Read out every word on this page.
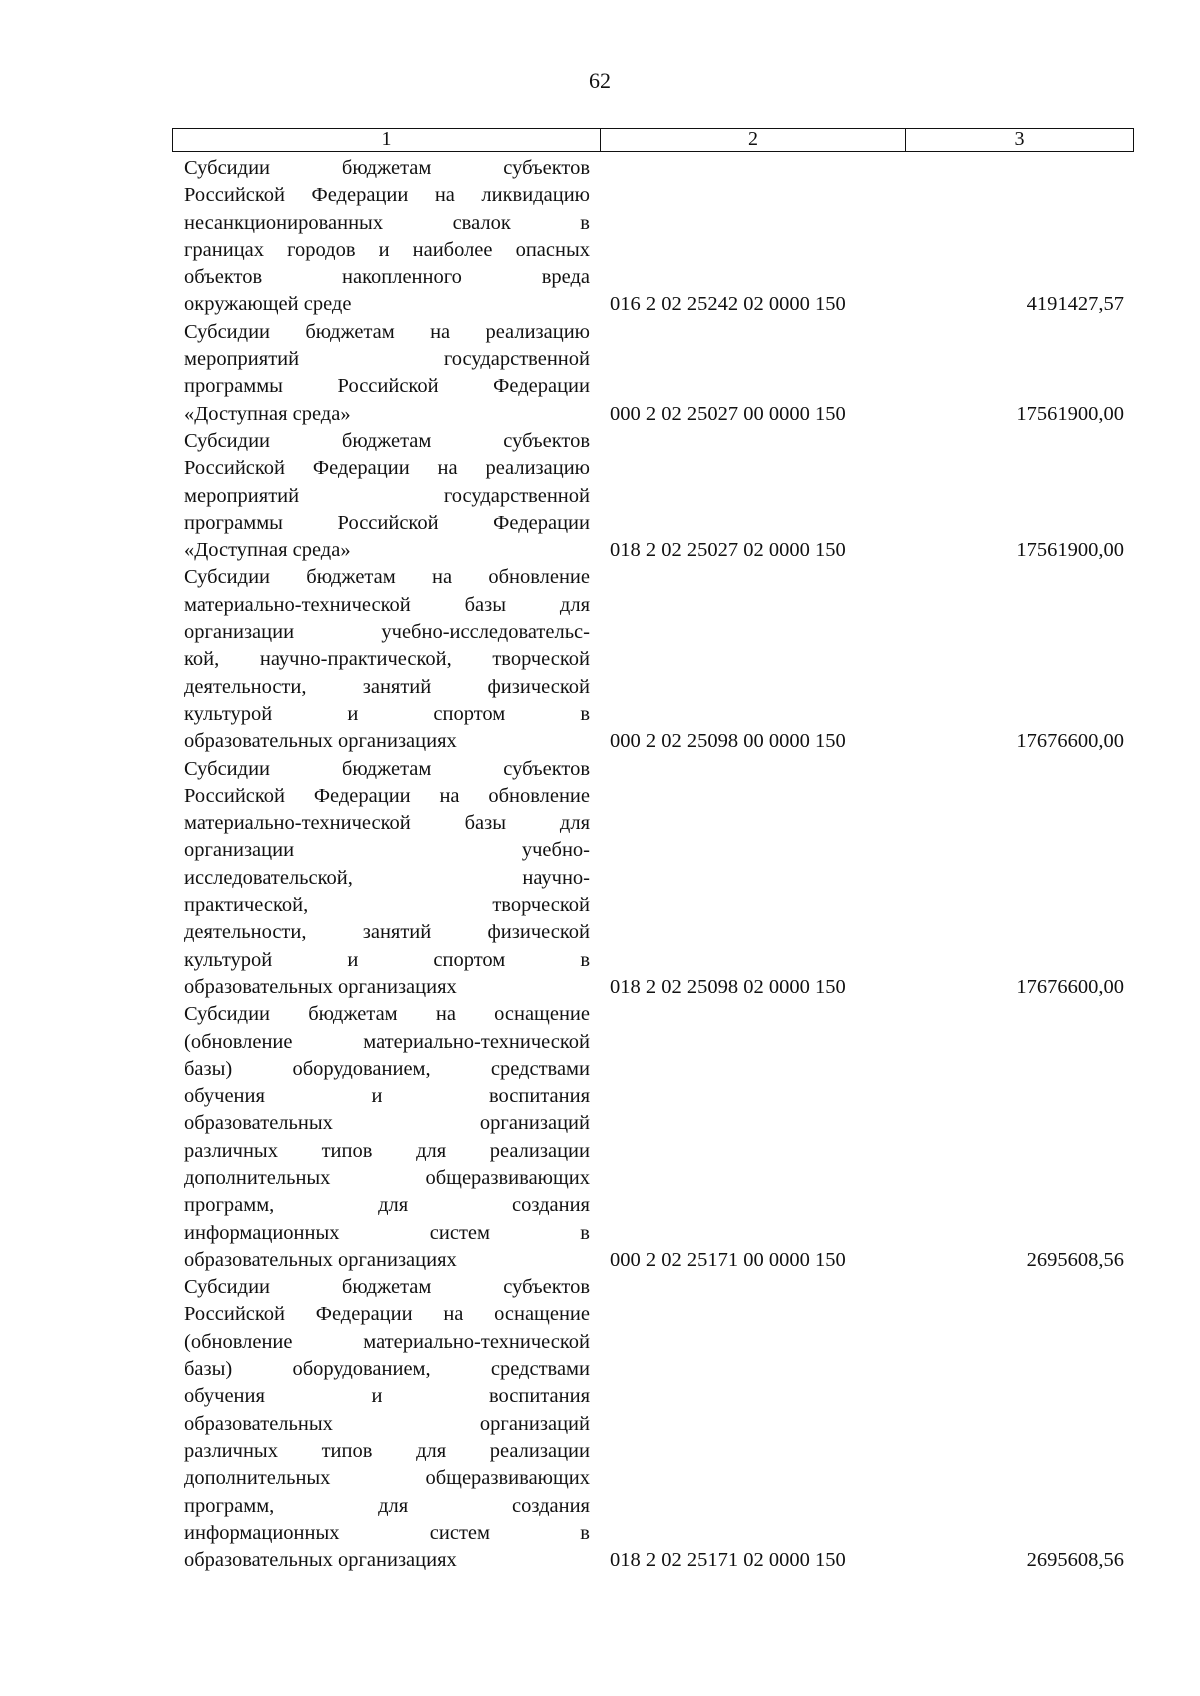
62
1	2	3
Субсидии бюджетам субъектов
Российской Федерации на ликвидацию
несанкционированных свалок в
границах городов и наиболее опасных
объектов накопленного вреда
окружающей среде	016 2 02 25242 02 0000 150	4191427,57
Субсидии бюджетам на реализацию
мероприятий государственной
программы Российской Федерации
«Доступная среда»	000 2 02 25027 00 0000 150	17561900,00
Субсидии бюджетам субъектов
Российской Федерации на реализацию
мероприятий государственной
программы Российской Федерации
«Доступная среда»	018 2 02 25027 02 0000 150	17561900,00
Субсидии бюджетам на обновление
материально-технической базы для
организации учебно-исследовательс-
кой, научно-практической, творческой
деятельности, занятий физической
культурой и спортом в
образовательных организациях	000 2 02 25098 00 0000 150	17676600,00
Субсидии бюджетам субъектов
Российской Федерации на обновление
материально-технической базы для
организации учебно-
исследовательской, научно-
практической, творческой
деятельности, занятий физической
культурой и спортом в
образовательных организациях	018 2 02 25098 02 0000 150	17676600,00
Субсидии бюджетам на оснащение
(обновление материально-технической
базы) оборудованием, средствами
обучения и воспитания
образовательных организаций
различных типов для реализации
дополнительных общеразвивающих
программ, для создания
информационных систем в
образовательных организациях	000 2 02 25171 00 0000 150	2695608,56
Субсидии бюджетам субъектов
Российской Федерации на оснащение
(обновление материально-технической
базы) оборудованием, средствами
обучения и воспитания
образовательных организаций
различных типов для реализации
дополнительных общеразвивающих
программ, для создания
информационных систем в
образовательных организациях	018 2 02 25171 02 0000 150	2695608,56
